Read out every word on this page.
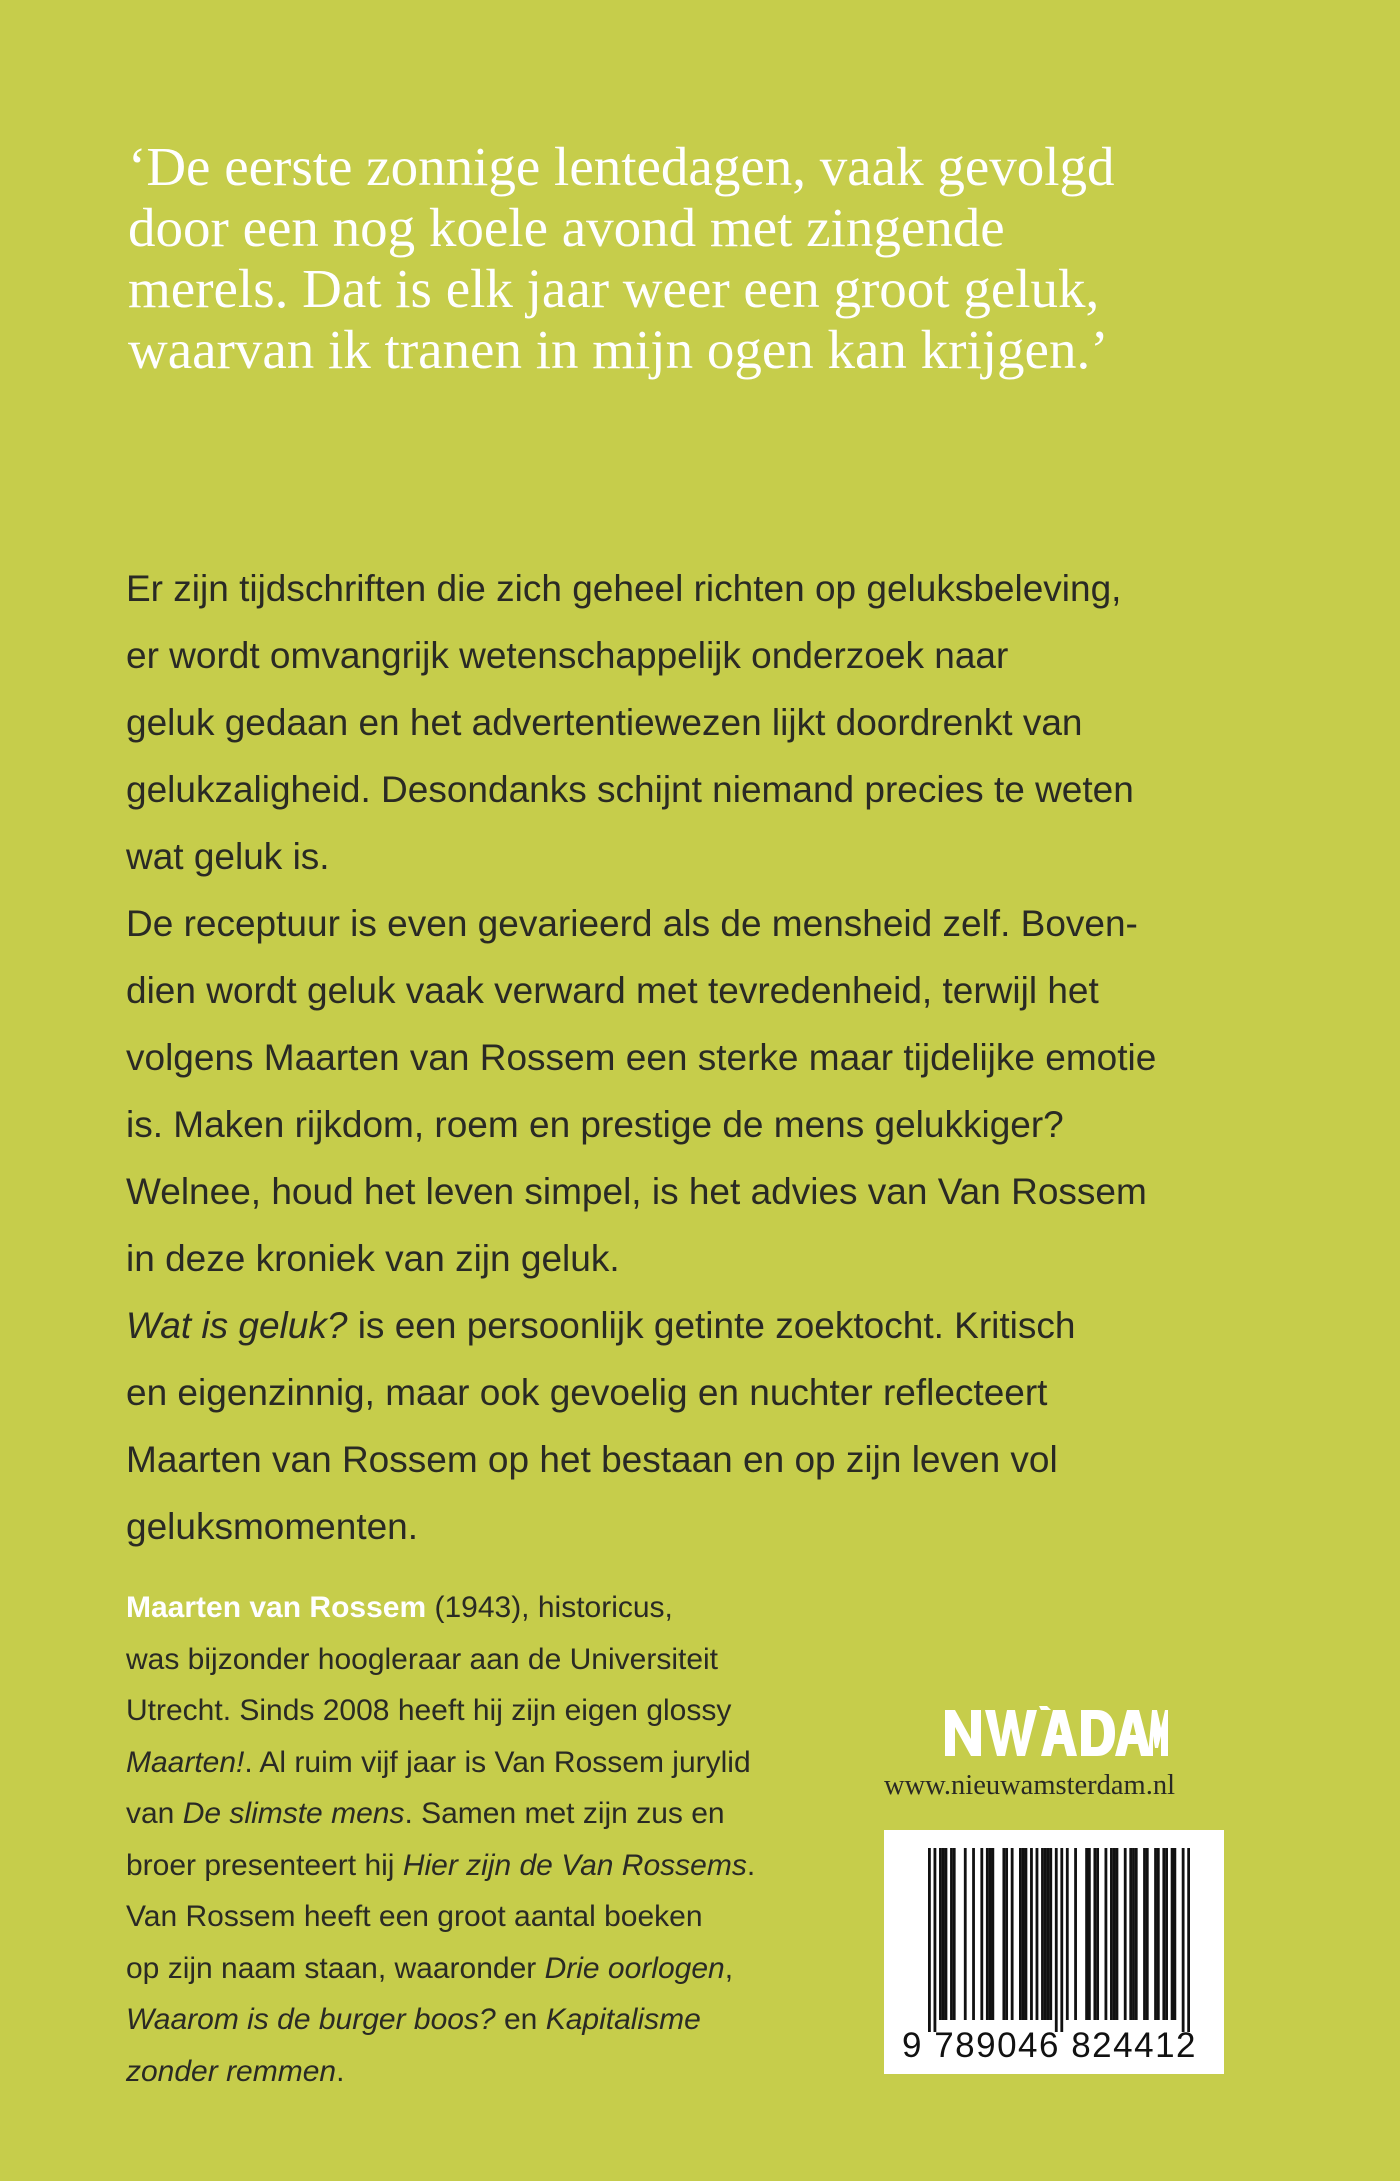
‘De eerste zonnige lentedagen, vaak gevolgd
door een nog koele avond met zingende
merels. Dat is elk jaar weer een groot geluk,
waarvan ik tranen in mijn ogen kan krijgen.’
Er zijn tijdschriften die zich geheel richten op geluksbeleving,
er wordt omvangrijk wetenschappelijk onderzoek naar
geluk gedaan en het advertentiewezen lijkt doordrenkt van
gelukzaligheid. Desondanks schijnt niemand precies te weten
wat geluk is.
De receptuur is even gevarieerd als de mensheid zelf. Boven-
dien wordt geluk vaak verward met tevredenheid, terwijl het
volgens Maarten van Rossem een sterke maar tijdelijke emotie
is. Maken rijkdom, roem en prestige de mens gelukkiger?
Welnee, houd het leven simpel, is het advies van Van Rossem
in deze kroniek van zijn geluk.
Wat is geluk? is een persoonlijk getinte zoektocht. Kritisch
en eigenzinnig, maar ook gevoelig en nuchter reflecteert
Maarten van Rossem op het bestaan en op zijn leven vol
geluksmomenten.
Maarten van Rossem (1943), historicus,
was bijzonder hoogleraar aan de Universiteit
Utrecht. Sinds 2008 heeft hij zijn eigen glossy
Maarten!. Al ruim vijf jaar is Van Rossem jurylid
van De slimste mens. Samen met zijn zus en
broer presenteert hij Hier zijn de Van Rossems.
Van Rossem heeft een groot aantal boeken
op zijn naam staan, waaronder Drie oorlogen,
Waarom is de burger boos? en Kapitalisme
zonder remmen.
www.nieuwamsterdam.nl
9 789046 824412
